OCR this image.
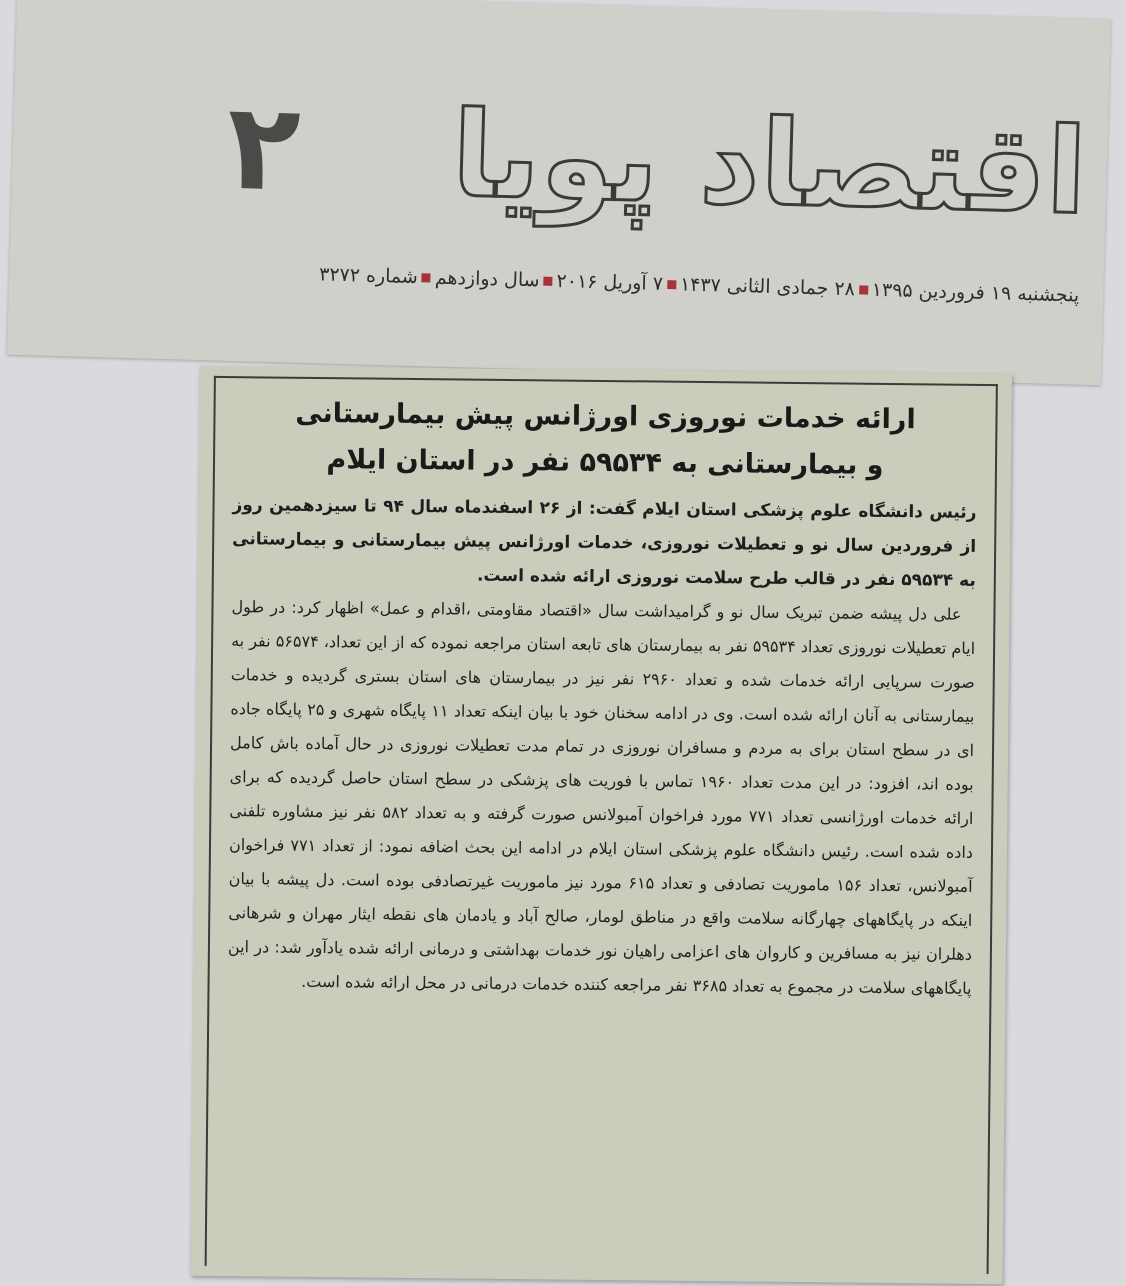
اقتصاد پویا
۲
پنجشنبه ۱۹ فروردین ۱۳۹۵۲۸ جمادی الثانی ۱۴۳۷۷ آوریل ۲۰۱۶سال دوازدهمشماره ۳۲۷۲
ارائه خدمات نوروزی اورژانس پیش بیمارستانی
و بیمارستانی به ۵۹۵۳۴ نفر در استان ایلام

رئیس دانشگاه علوم پزشکی استان ایلام گفت: از ۲۶ اسفندماه سال ۹۴ تا سیزدهمین روز از فروردین سال نو و تعطیلات نوروزی، خدمات اورژانس پیش بیمارستانی و بیمارستانی به ۵۹۵۳۴ نفر در قالب طرح سلامت نوروزی ارائه شده است.

علی دل پیشه ضمن تبریک سال نو و گرامیداشت سال «اقتصاد مقاومتی ،اقدام و عمل» اظهار کرد: در طول ایام تعطیلات نوروزی تعداد ۵۹۵۳۴ نفر به بیمارستان های تابعه استان مراجعه نموده که از این تعداد، ۵۶۵۷۴ نفر به صورت سرپایی ارائه خدمات شده و تعداد ۲۹۶۰ نفر نیز در بیمارستان های استان بستری گردیده و خدمات بیمارستانی به آنان ارائه شده است. وی در ادامه سخنان خود با بیان اینکه تعداد ۱۱ پایگاه شهری و ۲۵ پایگاه جاده ای در سطح استان برای به مردم و مسافران نوروزی در تمام مدت تعطیلات نوروزی در حال آماده باش کامل بوده اند، افزود: در این مدت تعداد ۱۹۶۰ تماس با فوریت های پزشکی در سطح استان حاصل گردیده که برای ارائه خدمات اورژانسی تعداد ۷۷۱ مورد فراخوان آمبولانس صورت گرفته و به تعداد ۵۸۲ نفر نیز مشاوره تلفنی داده شده است. رئیس دانشگاه علوم پزشکی استان ایلام در ادامه این بحث اضافه نمود: از تعداد ۷۷۱ فراخوان آمبولانس، تعداد ۱۵۶ ماموریت تصادفی و تعداد ۶۱۵ مورد نیز ماموریت غیرتصادفی بوده است. دل پیشه با بیان اینکه در پایگاههای چهارگانه سلامت واقع در مناطق لومار، صالح آباد و یادمان های نقطه ایثار مهران و شرهانی دهلران نیز به مسافرین و کاروان های اعزامی راهیان نور خدمات بهداشتی و درمانی ارائه شده یادآور شد: در این پایگاههای سلامت در مجموع به تعداد ۳۶۸۵ نفر مراجعه کننده خدمات درمانی در محل ارائه شده است.
